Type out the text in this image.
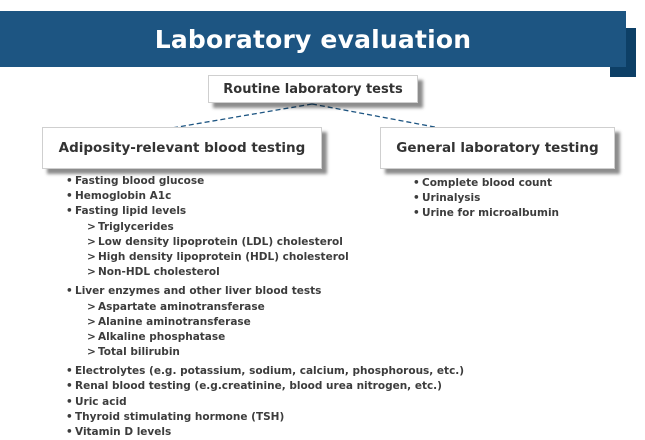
Laboratory evaluation
Routine laboratory tests
Adiposity-relevant blood testing	General laboratory testing
• Fasting blood glucose
• Hemoglobin A1c
• Fasting lipid levels
> Triglycerides
> Low density lipoprotein (LDL) cholesterol
> High density lipoprotein (HDL) cholesterol
> Non-HDL cholesterol
• Liver enzymes and other liver blood tests
> Aspartate aminotransferase
> Alanine aminotransferase
> Alkaline phosphatase
> Total bilirubin
• Electrolytes (e.g. potassium, sodium, calcium, phosphorous, etc.)
• Renal blood testing (e.g.creatinine, blood urea nitrogen, etc.)
• Uric acid
• Thyroid stimulating hormone (TSH)
• Vitamin D levels
• Complete blood count
• Urinalysis
• Urine for microalbumin
